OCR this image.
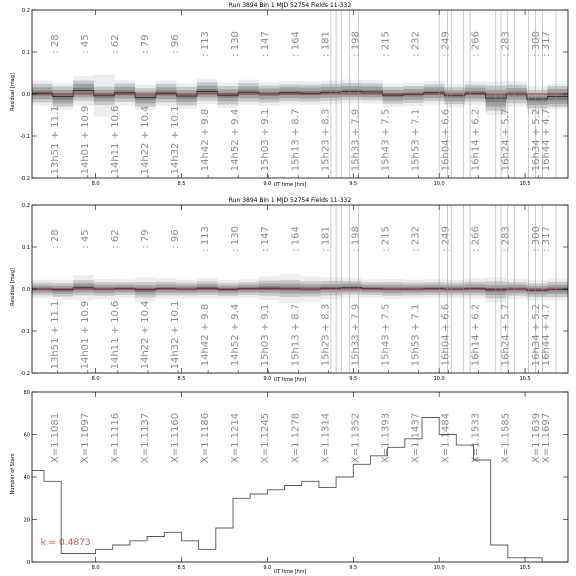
Run 3894 Bin 1 MJD 52754 Fields 11-332
Residual [mag]
UT time [hrs]
: 28 : 45 : 62 : 79 : 96 : 113 : 130 : 147 : 164 : 181 : 198 : 215 : 232 : 249 : 266 : 283 : 300 : 317
13h51 + 11.1 14h01 + 10.9 14h11 + 10.6 14h22 + 10.4 14h32 + 10.1 14h42 + 9.8 14h52 + 9.4 15h03 + 9.1 15h13 + 8.7 15h23 + 8.3 15h33 + 7.9 15h43 + 7.5 15h53 + 7.1 16h04 + 6.6 16h14 + 6.2 16h24 + 5.7 16h34 + 5.2 16h44 + 4.7
8.0	8.5	9.0	9.5	10.0	10.5
-0.2
-0.1
0.0
0.1
0.2
Run 3894 Bin 1 MJD 52754 Fields 11-332
Residual [mag]
UT time [hrs]
: 28 : 45 : 62 : 79 : 96 : 113 : 130 : 147 : 164 : 181 : 198 : 215 : 232 : 249 : 266 : 283 : 300 : 317
13h51 + 11.1 14h01 + 10.9 14h11 + 10.6 14h22 + 10.4 14h32 + 10.1 14h42 + 9.8 14h52 + 9.4 15h03 + 9.1 15h13 + 8.7 15h23 + 8.3 15h33 + 7.9 15h43 + 7.5 15h53 + 7.1 16h04 + 6.6 16h14 + 6.2 16h24 + 5.7 16h34 + 5.2 16h44 + 4.7
8.0	8.5	9.0	9.5	10.0	10.5
-0.2
-0.1
0.0
0.1
0.2
Number of Stars
UT time [hrs]
k = 0.4873
X=1.1081 X=1.1097 X=1.1116 X=1.1137 X=1.1160 X=1.1186 X=1.1214 X=1.1245 X=1.1278 X=1.1314 X=1.1352 X=1.1393 X=1.1437 X=1.1484 X=1.1533 X=1.1585 X=1.1639 X=1.1697
8.0	8.5	9.0	9.5	10.0	10.5
0
20
40
60
80
